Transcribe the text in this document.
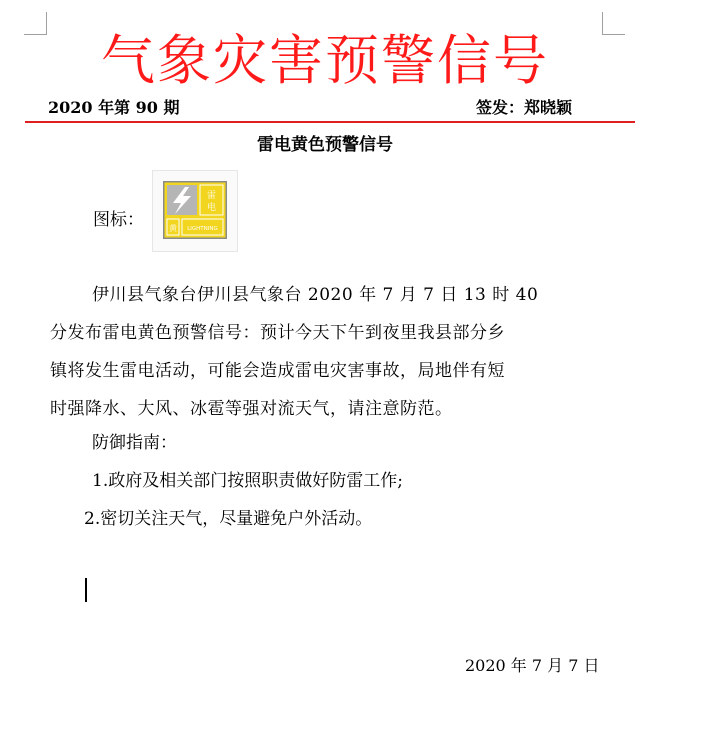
气象灾害预警信号
2020 年第 90 期	签发：郑晓颖
雷电黄色预警信号
图标：
雷
电
黄 LIGHTNING
伊川县气象台伊川县气象台 2020 年 7 月 7 日 13 时 40
分发布雷电黄色预警信号：预计今天下午到夜里我县部分乡
镇将发生雷电活动，可能会造成雷电灾害事故，局地伴有短
时强降水、大风、冰雹等强对流天气，请注意防范。
防御指南：
1.政府及相关部门按照职责做好防雷工作;
2.密切关注天气，尽量避免户外活动。
2020 年 7 月 7 日
